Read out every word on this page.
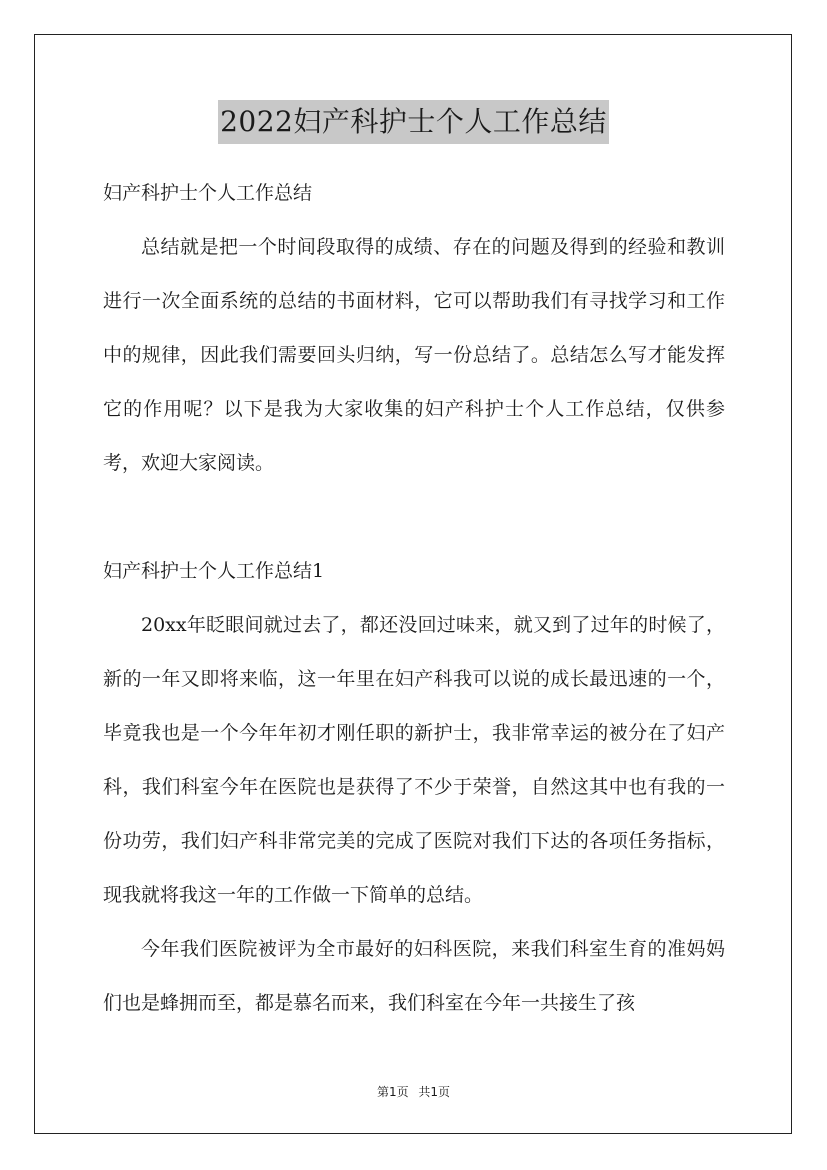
2022妇产科护士个人工作总结

妇产科护士个人工作总结

总结就是把一个时间段取得的成绩、存在的问题及得到的经验和教训进行一次全面系统的总结的书面材料，它可以帮助我们有寻找学习和工作中的规律，因此我们需要回头归纳，写一份总结了。总结怎么写才能发挥它的作用呢？以下是我为大家收集的妇产科护士个人工作总结，仅供参考，欢迎大家阅读。

妇产科护士个人工作总结1

20xx年眨眼间就过去了，都还没回过味来，就又到了过年的时候了，新的一年又即将来临，这一年里在妇产科我可以说的成长最迅速的一个，毕竟我也是一个今年年初才刚任职的新护士，我非常幸运的被分在了妇产科，我们科室今年在医院也是获得了不少于荣誉，自然这其中也有我的一份功劳，我们妇产科非常完美的完成了医院对我们下达的各项任务指标，现我就将我这一年的工作做一下简单的总结。

今年我们医院被评为全市最好的妇科医院，来我们科室生育的准妈妈们也是蜂拥而至，都是慕名而来，我们科室在今年一共接生了孩

第1页 共1页
